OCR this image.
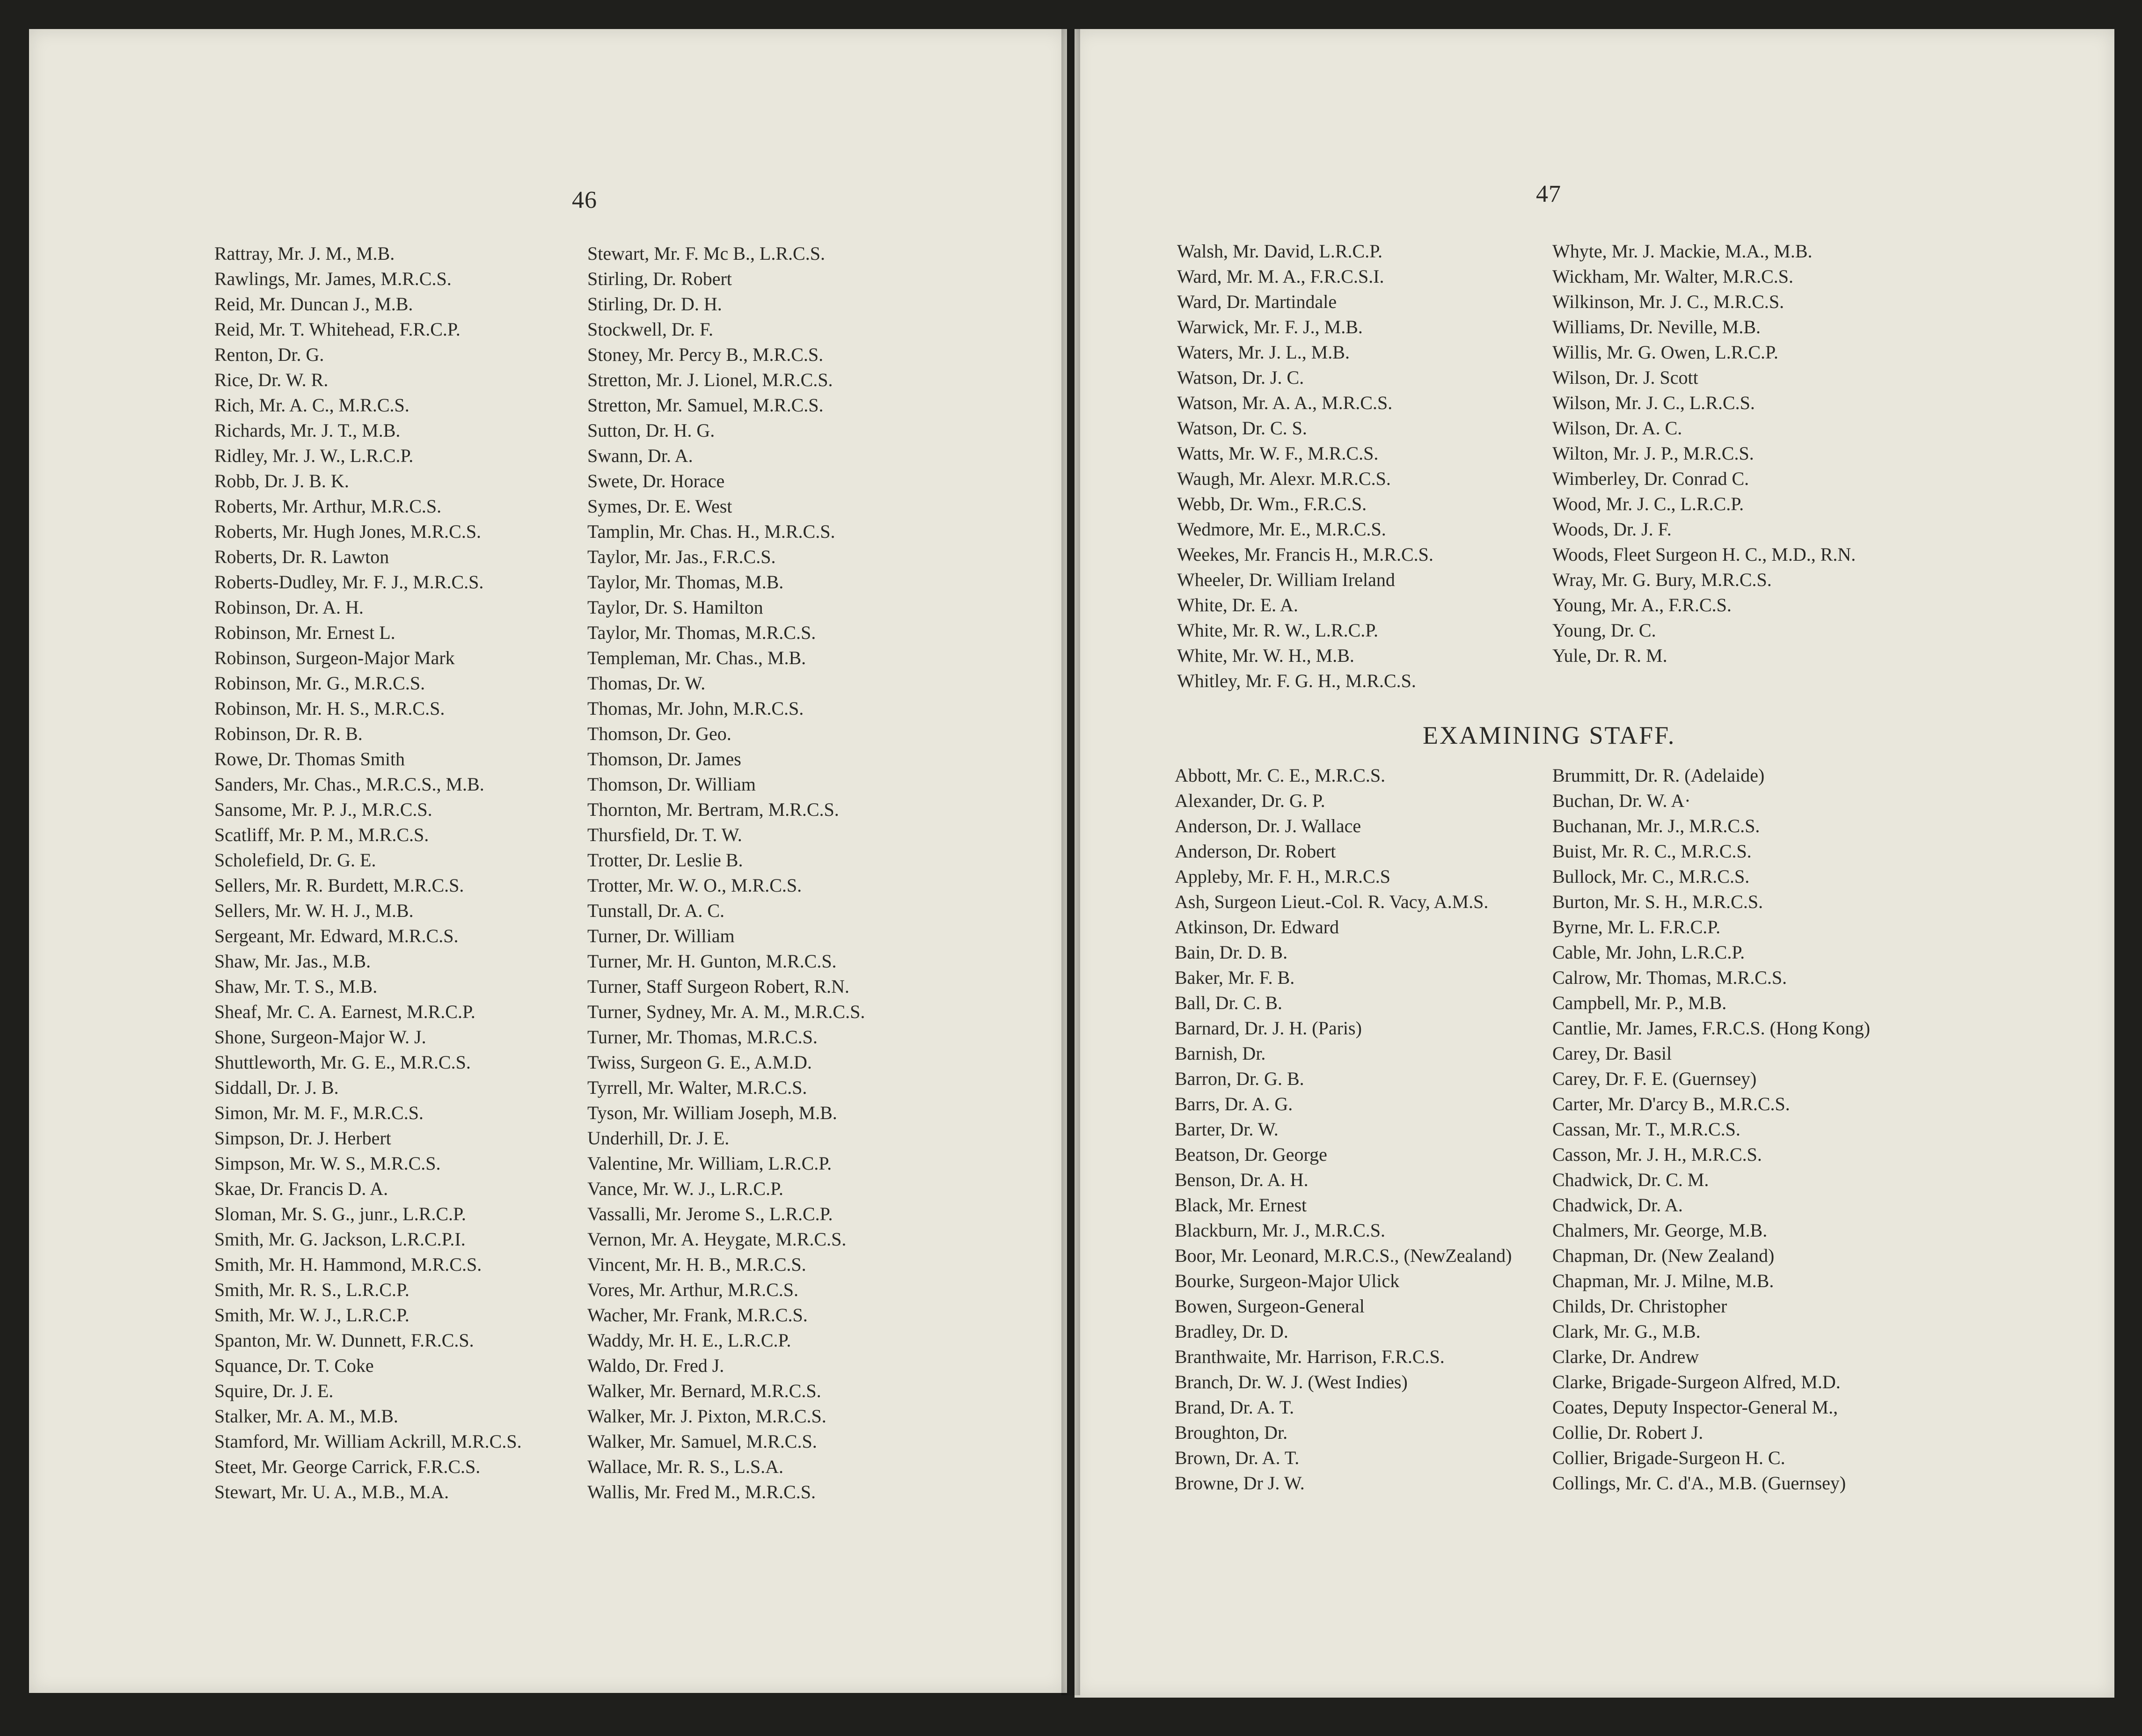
46	47
Rattray, Mr. J. M., M.B.
Rawlings, Mr. James, M.R.C.S.
Reid, Mr. Duncan J., M.B.
Reid, Mr. T. Whitehead, F.R.C.P.
Renton, Dr. G.
Rice, Dr. W. R.
Rich, Mr. A. C., M.R.C.S.
Richards, Mr. J. T., M.B.
Ridley, Mr. J. W., L.R.C.P.
Robb, Dr. J. B. K.
Roberts, Mr. Arthur, M.R.C.S.
Roberts, Mr. Hugh Jones, M.R.C.S.
Roberts, Dr. R. Lawton
Roberts-Dudley, Mr. F. J., M.R.C.S.
Robinson, Dr. A. H.
Robinson, Mr. Ernest L.
Robinson, Surgeon-Major Mark
Robinson, Mr. G., M.R.C.S.
Robinson, Mr. H. S., M.R.C.S.
Robinson, Dr. R. B.
Rowe, Dr. Thomas Smith
Sanders, Mr. Chas., M.R.C.S., M.B.
Sansome, Mr. P. J., M.R.C.S.
Scatliff, Mr. P. M., M.R.C.S.
Scholefield, Dr. G. E.
Sellers, Mr. R. Burdett, M.R.C.S.
Sellers, Mr. W. H. J., M.B.
Sergeant, Mr. Edward, M.R.C.S.
Shaw, Mr. Jas., M.B.
Shaw, Mr. T. S., M.B.
Sheaf, Mr. C. A. Earnest, M.R.C.P.
Shone, Surgeon-Major W. J.
Shuttleworth, Mr. G. E., M.R.C.S.
Siddall, Dr. J. B.
Simon, Mr. M. F., M.R.C.S.
Simpson, Dr. J. Herbert
Simpson, Mr. W. S., M.R.C.S.
Skae, Dr. Francis D. A.
Sloman, Mr. S. G., junr., L.R.C.P.
Smith, Mr. G. Jackson, L.R.C.P.I.
Smith, Mr. H. Hammond, M.R.C.S.
Smith, Mr. R. S., L.R.C.P.
Smith, Mr. W. J., L.R.C.P.
Spanton, Mr. W. Dunnett, F.R.C.S.
Squance, Dr. T. Coke
Squire, Dr. J. E.
Stalker, Mr. A. M., M.B.
Stamford, Mr. William Ackrill, M.R.C.S.
Steet, Mr. George Carrick, F.R.C.S.
Stewart, Mr. U. A., M.B., M.A.
Stewart, Mr. F. Mc B., L.R.C.S.
Stirling, Dr. Robert
Stirling, Dr. D. H.
Stockwell, Dr. F.
Stoney, Mr. Percy B., M.R.C.S.
Stretton, Mr. J. Lionel, M.R.C.S.
Stretton, Mr. Samuel, M.R.C.S.
Sutton, Dr. H. G.
Swann, Dr. A.
Swete, Dr. Horace
Symes, Dr. E. West
Tamplin, Mr. Chas. H., M.R.C.S.
Taylor, Mr. Jas., F.R.C.S.
Taylor, Mr. Thomas, M.B.
Taylor, Dr. S. Hamilton
Taylor, Mr. Thomas, M.R.C.S.
Templeman, Mr. Chas., M.B.
Thomas, Dr. W.
Thomas, Mr. John, M.R.C.S.
Thomson, Dr. Geo.
Thomson, Dr. James
Thomson, Dr. William
Thornton, Mr. Bertram, M.R.C.S.
Thursfield, Dr. T. W.
Trotter, Dr. Leslie B.
Trotter, Mr. W. O., M.R.C.S.
Tunstall, Dr. A. C.
Turner, Dr. William
Turner, Mr. H. Gunton, M.R.C.S.
Turner, Staff Surgeon Robert, R.N.
Turner, Sydney, Mr. A. M., M.R.C.S.
Turner, Mr. Thomas, M.R.C.S.
Twiss, Surgeon G. E., A.M.D.
Tyrrell, Mr. Walter, M.R.C.S.
Tyson, Mr. William Joseph, M.B.
Underhill, Dr. J. E.
Valentine, Mr. William, L.R.C.P.
Vance, Mr. W. J., L.R.C.P.
Vassalli, Mr. Jerome S., L.R.C.P.
Vernon, Mr. A. Heygate, M.R.C.S.
Vincent, Mr. H. B., M.R.C.S.
Vores, Mr. Arthur, M.R.C.S.
Wacher, Mr. Frank, M.R.C.S.
Waddy, Mr. H. E., L.R.C.P.
Waldo, Dr. Fred J.
Walker, Mr. Bernard, M.R.C.S.
Walker, Mr. J. Pixton, M.R.C.S.
Walker, Mr. Samuel, M.R.C.S.
Wallace, Mr. R. S., L.S.A.
Wallis, Mr. Fred M., M.R.C.S.
Walsh, Mr. David, L.R.C.P.
Ward, Mr. M. A., F.R.C.S.I.
Ward, Dr. Martindale
Warwick, Mr. F. J., M.B.
Waters, Mr. J. L., M.B.
Watson, Dr. J. C.
Watson, Mr. A. A., M.R.C.S.
Watson, Dr. C. S.
Watts, Mr. W. F., M.R.C.S.
Waugh, Mr. Alexr. M.R.C.S.
Webb, Dr. Wm., F.R.C.S.
Wedmore, Mr. E., M.R.C.S.
Weekes, Mr. Francis H., M.R.C.S.
Wheeler, Dr. William Ireland
White, Dr. E. A.
White, Mr. R. W., L.R.C.P.
White, Mr. W. H., M.B.
Whitley, Mr. F. G. H., M.R.C.S.
Whyte, Mr. J. Mackie, M.A., M.B.
Wickham, Mr. Walter, M.R.C.S.
Wilkinson, Mr. J. C., M.R.C.S.
Williams, Dr. Neville, M.B.
Willis, Mr. G. Owen, L.R.C.P.
Wilson, Dr. J. Scott
Wilson, Mr. J. C., L.R.C.S.
Wilson, Dr. A. C.
Wilton, Mr. J. P., M.R.C.S.
Wimberley, Dr. Conrad C.
Wood, Mr. J. C., L.R.C.P.
Woods, Dr. J. F.
Woods, Fleet Surgeon H. C., M.D., R.N.
Wray, Mr. G. Bury, M.R.C.S.
Young, Mr. A., F.R.C.S.
Young, Dr. C.
Yule, Dr. R. M.
EXAMINING STAFF.
Abbott, Mr. C. E., M.R.C.S.
Alexander, Dr. G. P.
Anderson, Dr. J. Wallace
Anderson, Dr. Robert
Appleby, Mr. F. H., M.R.C.S
Ash, Surgeon Lieut.-Col. R. Vacy, A.M.S.
Atkinson, Dr. Edward
Bain, Dr. D. B.
Baker, Mr. F. B.
Ball, Dr. C. B.
Barnard, Dr. J. H. (Paris)
Barnish, Dr.
Barron, Dr. G. B.
Barrs, Dr. A. G.
Barter, Dr. W.
Beatson, Dr. George
Benson, Dr. A. H.
Black, Mr. Ernest
Blackburn, Mr. J., M.R.C.S.
Boor, Mr. Leonard, M.R.C.S., (NewZealand)
Bourke, Surgeon-Major Ulick
Bowen, Surgeon-General
Bradley, Dr. D.
Branthwaite, Mr. Harrison, F.R.C.S.
Branch, Dr. W. J. (West Indies)
Brand, Dr. A. T.
Broughton, Dr.
Brown, Dr. A. T.
Browne, Dr J. W.
Brummitt, Dr. R. (Adelaide)
Buchan, Dr. W. A·
Buchanan, Mr. J., M.R.C.S.
Buist, Mr. R. C., M.R.C.S.
Bullock, Mr. C., M.R.C.S.
Burton, Mr. S. H., M.R.C.S.
Byrne, Mr. L. F.R.C.P.
Cable, Mr. John, L.R.C.P.
Calrow, Mr. Thomas, M.R.C.S.
Campbell, Mr. P., M.B.
Cantlie, Mr. James, F.R.C.S. (Hong Kong)
Carey, Dr. Basil
Carey, Dr. F. E. (Guernsey)
Carter, Mr. D'arcy B., M.R.C.S.
Cassan, Mr. T., M.R.C.S.
Casson, Mr. J. H., M.R.C.S.
Chadwick, Dr. C. M.
Chadwick, Dr. A.
Chalmers, Mr. George, M.B.
Chapman, Dr. (New Zealand)
Chapman, Mr. J. Milne, M.B.
Childs, Dr. Christopher
Clark, Mr. G., M.B.
Clarke, Dr. Andrew
Clarke, Brigade-Surgeon Alfred, M.D.
Coates, Deputy Inspector-General M.,
Collie, Dr. Robert J.
Collier, Brigade-Surgeon H. C.
Collings, Mr. C. d'A., M.B. (Guernsey)
